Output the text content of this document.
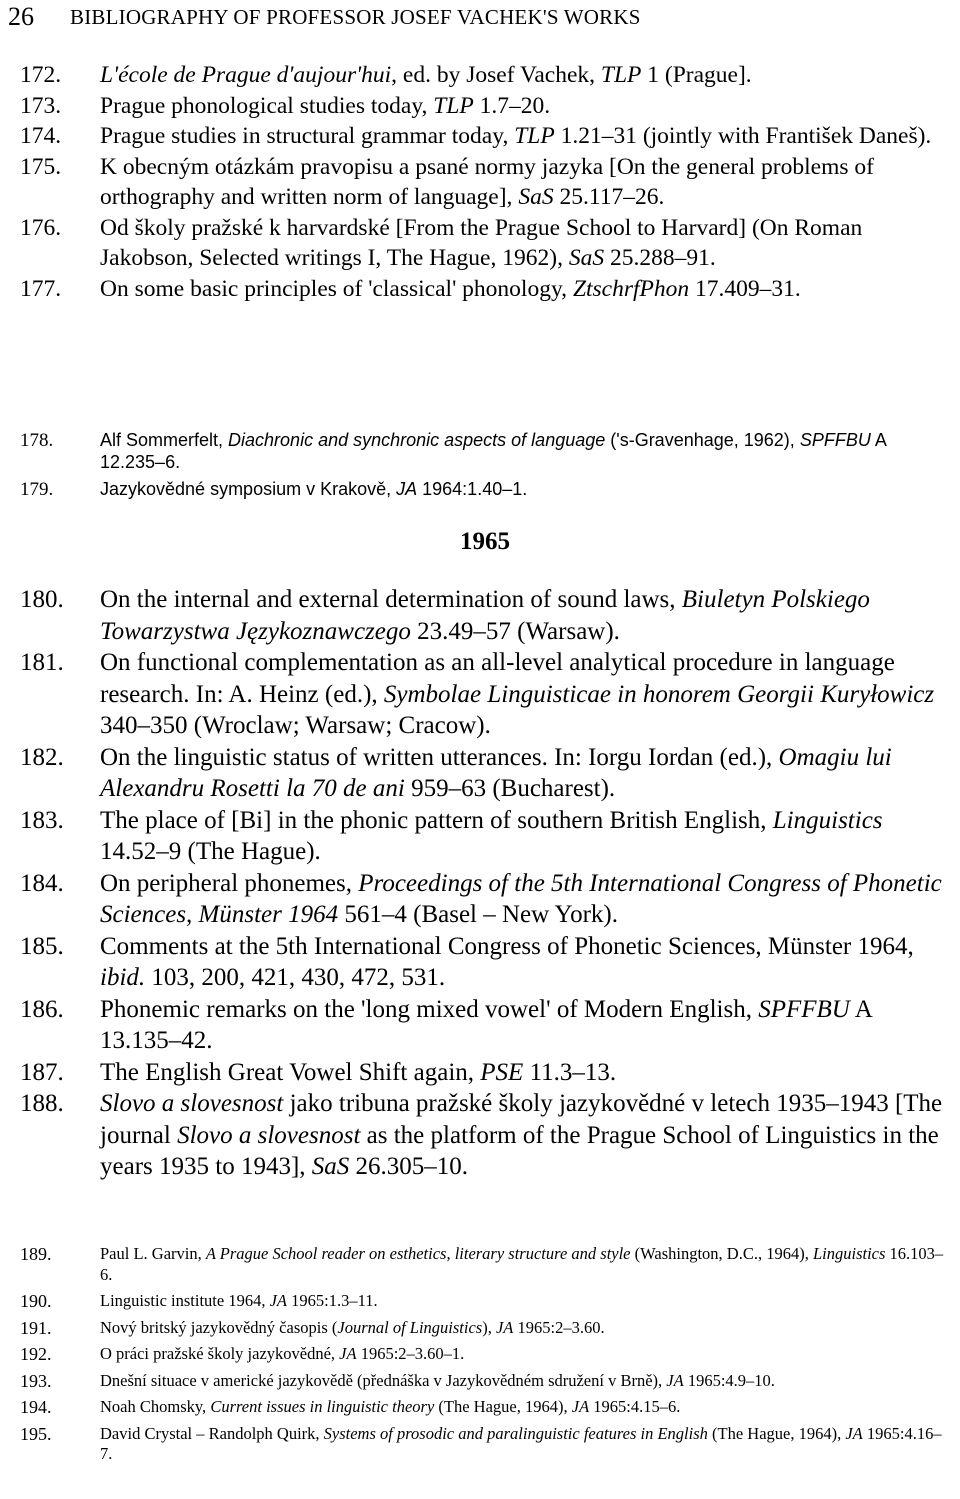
26 BIBLIOGRAPHY OF PROFESSOR JOSEF VACHEK'S WORKS
172. L'école de Prague d'aujour'hui, ed. by Josef Vachek, TLP 1 (Prague].
173. Prague phonological studies today, TLP 1.7–20.
174. Prague studies in structural grammar today, TLP 1.21–31 (jointly with František Daneš).
175. K obecným otázkám pravopisu a psané normy jazyka [On the general problems of orthography and written norm of language], SaS 25.117–26.
176. Od školy pražské k harvardské [From the Prague School to Harvard] (On Roman Jakobson, Selected writings I, The Hague, 1962), SaS 25.288–91.
177. On some basic principles of 'classical' phonology, ZtschrfPhon 17.409–31.
178.	Alf Sommerfelt, Diachronic and synchronic aspects of language ('s-Gravenhage, 1962), SPFFBU A 12.235–6.
179.	Jazykovědné symposium v Krakově, JA 1964:1.40–1.
1965
180. On the internal and external determination of sound laws, Biuletyn Polskiego Towarzystwa Językoznawczego 23.49–57 (Warsaw).
181. On functional complementation as an all-level analytical procedure in language research. In: A. Heinz (ed.), Symbolae Linguisticae in honorem Georgii Kuryłowicz 340–350 (Wroclaw; Warsaw; Cracow).
182. On the linguistic status of written utterances. In: Iorgu Iordan (ed.), Omagiu lui Alexandru Rosetti la 70 de ani 959–63 (Bucharest).
183. The place of [Bi] in the phonic pattern of southern British English, Linguistics 14.52–9 (The Hague).
184. On peripheral phonemes, Proceedings of the 5th International Congress of Phonetic Sciences, Münster 1964 561–4 (Basel – New York).
185. Comments at the 5th International Congress of Phonetic Sciences, Münster 1964, ibid. 103, 200, 421, 430, 472, 531.
186. Phonemic remarks on the 'long mixed vowel' of Modern English, SPFFBU A 13.135–42.
187. The English Great Vowel Shift again, PSE 11.3–13.
188. Slovo a slovesnost jako tribuna pražské školy jazykovědné v letech 1935–1943 [The journal Slovo a slovesnost as the platform of the Prague School of Linguistics in the years 1935 to 1943], SaS 26.305–10.
189.	Paul L. Garvin, A Prague School reader on esthetics, literary structure and style (Washington, D.C., 1964), Linguistics 16.103–6.
190.	Linguistic institute 1964, JA 1965:1.3–11.
191.	Nový britský jazykovědný časopis (Journal of Linguistics), JA 1965:2–3.60.
192.	O práci pražské školy jazykovědné, JA 1965:2–3.60–1.
193.	Dnešní situace v americké jazykovědě (přednáška v Jazykovědném sdružení v Brně), JA 1965:4.9–10.
194.	Noah Chomsky, Current issues in linguistic theory (The Hague, 1964), JA 1965:4.15–6.
195.	David Crystal – Randolph Quirk, Systems of prosodic and paralinguistic features in English (The Hague, 1964), JA 1965:4.16–7.
